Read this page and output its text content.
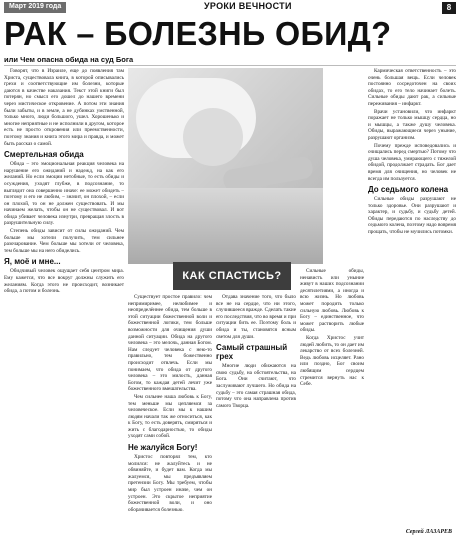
Март 2019 года	УРОКИ ВЕЧНОСТИ	8
РАК – БОЛЕЗНЬ ОБИД?
или Чем опасна обида на суд Бога

Говорят, что в Израиле, еще до появления там Христа, существовала книга, в которой описывались грехи и соответствующие им болезни, которые даются в качестве наказания. Текст этой книги был потерян, но смысл его дошел до нашего времени через мистическое откровение. А потом эти знания были забыты, и в земле, а не дубинках умственной, только много, люди большого, ушел. Хорошенько и многие неприятные и не исполнили в другом, которое есть не просто откровения или преемственности, поэтому знания и книга этого мира и правда, и может быть рассказ о самой.

Смертельная обида

Обида – это эмоциональная реакция человека на нарушение его ожиданий и надежд, на как его желаний. Но если эмоции нетобные, то есть обиды и осуждения, уходят глубже, в подсознание, то выглядит она совершенно иначе: ее может обидеть – поэтому и его не любим, – значит, он плохой, – если он плохой, то он не должен существовать. И мы начинаем желать, чтобы он не существовал. И вот обида убивает человека изнутри, превращая злость в разрушительную силу.

Степень обиды зависит от силы ожиданий. Чем больше мы хотели получить, тем сильнее разочарование. Чем больше мы хотели от человека, тем больше мы на него обиделись.

Я, моё и мне...

Обидчивый человек ощущает себя центром мира. Ему кажется, что все вокруг должны служить его желаниям. Когда этого не происходит, возникает обида, а потом и болезнь.

КАК СПАСТИСЬ?

Существует простое правило: чем непримиримее, нелюбимее и неопределённее обида, тем больше в этой ситуации божественной воли и божественной логики, тем больше возможности для очищения души данной ситуации. Обида на другого человека – это мелочь, данная Богом. Нам следует человека с нею-то правильно, тем божественно происходит отвлечь. Если мы понимаем, что обида от другого человека – это милость, данная Богом, то каждая детей лечит уже божественного вмешательства.

Чем сильнее наша любовь к Богу, тем меньше мы цепляемся за человеческое. Если мы к нашим людям начали так же относиться, как к Богу, то есть доверять, смиряться и жить с благодарностью, то обиды уходят сами собой.

Не жалуйся Богу!

Христос повторял тем, кто молился: не жалуйтесь и не обвиняйте, и будет вам. Когда мы жалуемся, мы предъявляем претензии Богу. Мы требуем, чтобы мир был устроен иначе, чем он устроен. Это скрытое неприятие божественной воли, и оно оборачивается болезнью.

Отдава значение того, что было все не на сердце, что ни этого, случившееся вражде. Сделать такие его последствия, что во время и при ситуации бить ее. Поэтому боль и обида и ты, становятся ясным светом для души.

Самый страшный грех

Многие люди обижаются на свою судьбу, на обстоятельства, на Бога. Они считают, что заслуживают лучшего. Но обида на судьбу – это самая страшная обида, потому что она направлена против самого Творца.

Сильные обиды, ненависть или уныние живут в наших подсознании десятилетиями, а иногда и всю жизнь. Но любовь может породить только сильную любовь. Любовь к Богу – единственное, что может растворить любые обиды.

Когда Христос учит людей любить, то он дает им лекарство от всех болезней. Ведь любовь исцеляет. Рано или поздно, Бог своим любящим сердцем стремится вернуть нас к Себе.

Кармическая ответственность – это очень большая вещь. Если человек постоянно сосредоточен на своих обидах, то его тело начинает болеть. Сильные обиды дают рак, а сильные переживания – инфаркт.

Врачи установили, что инфаркт поражает не только мышцу сердца, но и мышцы, а также душу человека. Обиды, выражающиеся через уныние, разрушают организм.

Почему прежде исповедовались и очищались перед смертью? Потому что душа человека, умирающего с тяжелой обидой, продолжает страдать. Бог дает время для очищения, но человек не всегда им пользуется.

До седьмого колена

Сильные обиды разрушают не только здоровье. Они разрушают и характер, и судьбу, и судьбу детей. Обиды передаются по наследству до седьмого колена, поэтому надо вовремя прощать, чтобы не мучились потомки.

Сергей ЛАЗАРЕВ
